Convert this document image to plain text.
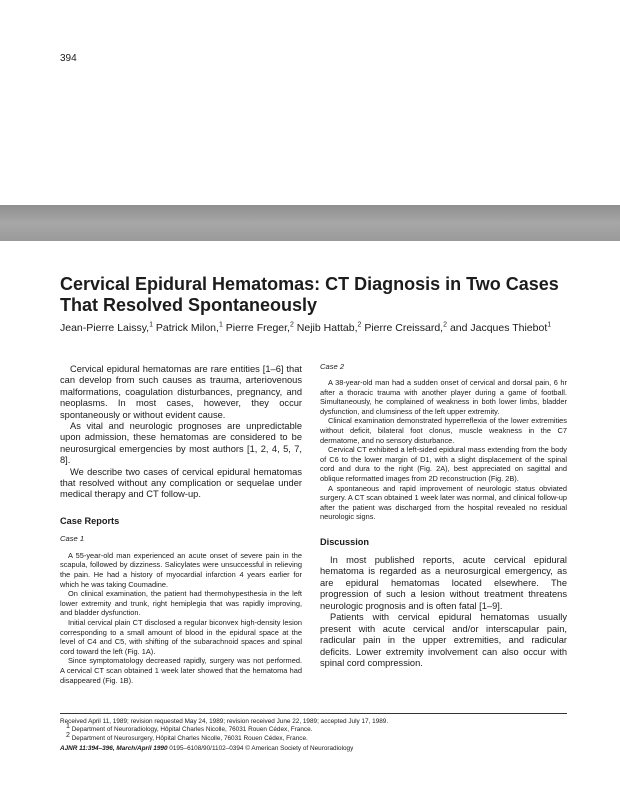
394
Cervical Epidural Hematomas: CT Diagnosis in Two Cases
That Resolved Spontaneously
Jean-Pierre Laissy,$^1$ Patrick Milon,$^1$ Pierre Freger,$^2$ Nejib Hattab,$^2$ Pierre Creissard,$^2$ and Jacques Thiebot$^1$

Cervical epidural hematomas are rare entities [1–6] that can develop from such causes as trauma, arteriovenous malformations, coagulation disturbances, pregnancy, and neoplasms. In most cases, however, they occur spontaneously or without evident cause.

As vital and neurologic prognoses are unpredictable upon admission, these hematomas are considered to be neurosurgical emergencies by most authors [1, 2, 4, 5, 7, 8].

We describe two cases of cervical epidural hematomas that resolved without any complication or sequelae under medical therapy and CT follow-up.

Case Reports
Case 1

A 55-year-old man experienced an acute onset of severe pain in the scapula, followed by dizziness. Salicylates were unsuccessful in relieving the pain. He had a history of myocardial infarction 4 years earlier for which he was taking Coumadine.

On clinical examination, the patient had thermohypesthesia in the left lower extremity and trunk, right hemiplegia that was rapidly improving, and bladder dysfunction.

Initial cervical plain CT disclosed a regular biconvex high-density lesion corresponding to a small amount of blood in the epidural space at the level of C4 and C5, with shifting of the subarachnoid spaces and spinal cord toward the left (Fig. 1A).

Since symptomatology decreased rapidly, surgery was not performed. A cervical CT scan obtained 1 week later showed that the hematoma had disappeared (Fig. 1B).

Case 2

A 38-year-old man had a sudden onset of cervical and dorsal pain, 6 hr after a thoracic trauma with another player during a game of football. Simultaneously, he complained of weakness in both lower limbs, bladder dysfunction, and clumsiness of the left upper extremity.

Clinical examination demonstrated hyperreflexia of the lower extremities without deficit, bilateral foot clonus, muscle weakness in the C7 dermatome, and no sensory disturbance.

Cervical CT exhibited a left-sided epidural mass extending from the body of C6 to the lower margin of D1, with a slight displacement of the spinal cord and dura to the right (Fig. 2A), best appreciated on sagittal and oblique reformatted images from 2D reconstruction (Fig. 2B).

A spontaneous and rapid improvement of neurologic status obviated surgery. A CT scan obtained 1 week later was normal, and clinical follow-up after the patient was discharged from the hospital revealed no residual neurologic signs.

Discussion

In most published reports, acute cervical epidural hematoma is regarded as a neurosurgical emergency, as are epidural hematomas located elsewhere. The progression of such a lesion without treatment threatens neurologic prognosis and is often fatal [1–9].

Patients with cervical epidural hematomas usually present with acute cervical and/or interscapular pain, radicular pain in the upper extremities, and radicular deficits. Lower extremity involvement can also occur with spinal cord compression.

Received April 11, 1989; revision requested May 24, 1989; revision received June 22, 1989; accepted July 17, 1989.
1 Department of Neuroradiology, Hôpital Charles Nicolle, 76031 Rouen Cédex, France.
2 Department of Neurosurgery, Hôpital Charles Nicolle, 76031 Rouen Cédex, France.
AJNR 11:394–396, March/April 1990 0195–6108/90/1102–0394 © American Society of Neuroradiology
